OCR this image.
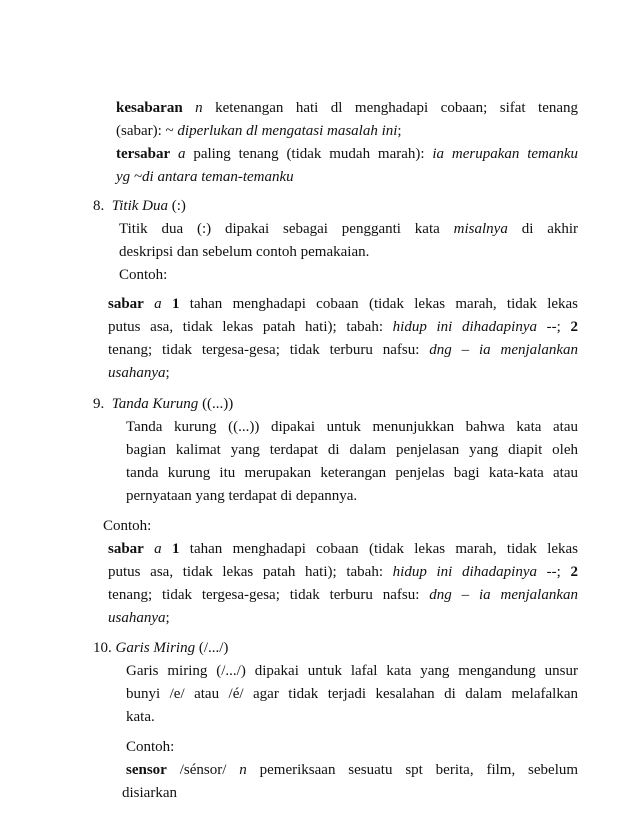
kesabaran n ketenangan hati dl menghadapi cobaan; sifat tenang
(sabar): ~ diperlukan dl mengatasi masalah ini;
tersabar a paling tenang (tidak mudah marah): ia merupakan temanku
yg ~di antara teman-temanku
8. Titik Dua (:)
Titik dua (:) dipakai sebagai pengganti kata misalnya di akhir
deskripsi dan sebelum contoh pemakaian.
Contoh:
sabar a 1 tahan menghadapi cobaan (tidak lekas marah, tidak lekas
putus asa, tidak lekas patah hati); tabah: hidup ini dihadapinya --; 2
tenang; tidak tergesa-gesa; tidak terburu nafsu: dng – ia menjalankan
usahanya;
9. Tanda Kurung ((...))
Tanda kurung ((...)) dipakai untuk menunjukkan bahwa kata atau
bagian kalimat yang terdapat di dalam penjelasan yang diapit oleh
tanda kurung itu merupakan keterangan penjelas bagi kata-kata atau
pernyataan yang terdapat di depannya.
Contoh:
sabar a 1 tahan menghadapi cobaan (tidak lekas marah, tidak lekas
putus asa, tidak lekas patah hati); tabah: hidup ini dihadapinya --; 2
tenang; tidak tergesa-gesa; tidak terburu nafsu: dng – ia menjalankan
usahanya;
10. Garis Miring (/.../)
Garis miring (/.../) dipakai untuk lafal kata yang mengandung unsur
bunyi /e/ atau /é/ agar tidak terjadi kesalahan di dalam melafalkan
kata.
Contoh:
sensor /sénsor/ n pemeriksaan sesuatu spt berita, film, sebelum
disiarkan
